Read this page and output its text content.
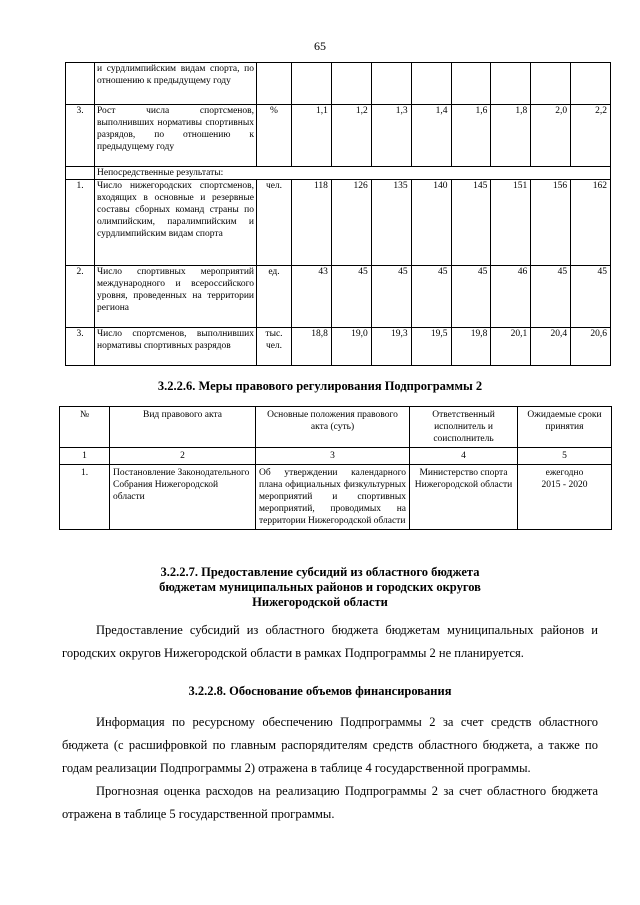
65
	и сурдлимпийским видам спорта, по отношению к предыдущему году									
3.	Рост числа спортсменов, выполнивших нормативы спортивных разрядов, по отношению к предыдущему году	%	1,1	1,2	1,3	1,4	1,6	1,8	2,0	2,2
	Непосредственные результаты:									
1.	Число нижегородских спортсменов, входящих в основные и резервные составы сборных команд страны по олимпийским, паралимпийским и сурдлимпийским видам спорта	чел.	118	126	135	140	145	151	156	162
2.	Число спортивных мероприятий международного и всероссийского уровня, проведенных на территории региона	ед.	43	45	45	45	45	46	45	45
3.	Число спортсменов, выполнивших нормативы спортивных разрядов	тыс. чел.	18,8	19,0	19,3	19,5	19,8	20,1	20,4	20,6
3.2.2.6. Меры правового регулирования Подпрограммы 2
№	Вид правового акта	Основные положения правового акта (суть)	Ответственный исполнитель и соисполнитель	Ожидаемые сроки принятия
1	2	3	4	5
1.	Постановление Законодательного Собрания Нижегородской области	Об утверждении календарного плана официальных физкультурных мероприятий и спортивных мероприятий, проводимых на территории Нижегородской области	Министерство спорта Нижегородской области	ежегодно
2015 - 2020
3.2.2.7. Предоставление субсидий из областного бюджета
бюджетам муниципальных районов и городских округов
Нижегородской области
Предоставление субсидий из областного бюджета бюджетам муниципальных районов и городских округов Нижегородской области в рамках Подпрограммы 2 не планируется.
3.2.2.8. Обоснование объемов финансирования
Информация по ресурсному обеспечению Подпрограммы 2 за счет средств областного бюджета (с расшифровкой по главным распорядителям средств областного бюджета, а также по годам реализации Подпрограммы 2) отражена в таблице 4 государственной программы.
Прогнозная оценка расходов на реализацию Подпрограммы 2 за счет областного бюджета отражена в таблице 5 государственной программы.
